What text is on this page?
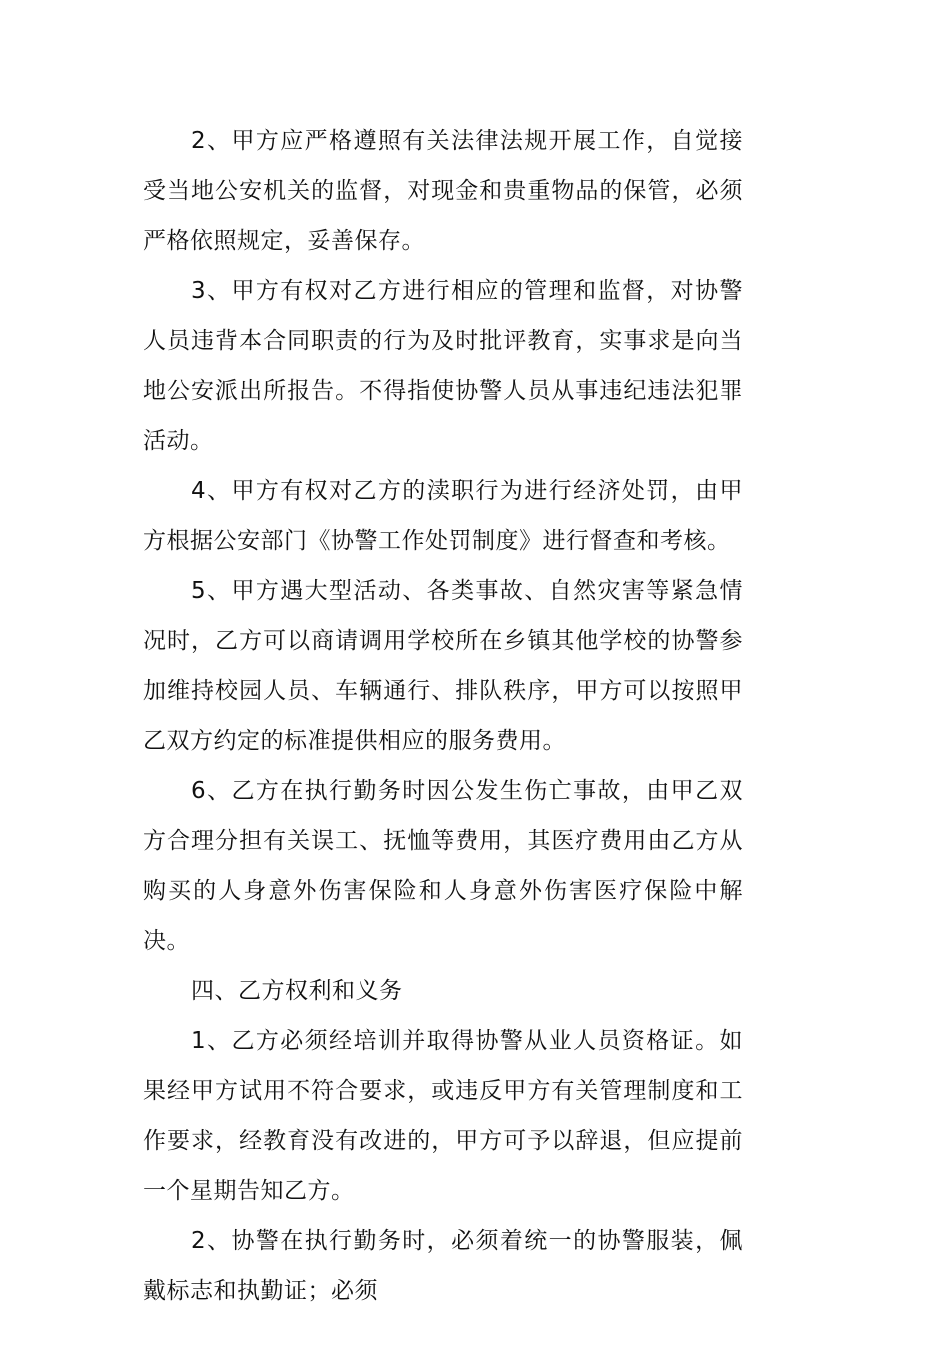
2、甲方应严格遵照有关法律法规开展工作，自觉接受当地公安机关的监督，对现金和贵重物品的保管，必须严格依照规定，妥善保存。

3、甲方有权对乙方进行相应的管理和监督，对协警人员违背本合同职责的行为及时批评教育，实事求是向当地公安派出所报告。不得指使协警人员从事违纪违法犯罪活动。

4、甲方有权对乙方的渎职行为进行经济处罚，由甲方根据公安部门《协警工作处罚制度》进行督查和考核。

5、甲方遇大型活动、各类事故、自然灾害等紧急情况时，乙方可以商请调用学校所在乡镇其他学校的协警参加维持校园人员、车辆通行、排队秩序，甲方可以按照甲乙双方约定的标准提供相应的服务费用。

6、乙方在执行勤务时因公发生伤亡事故，由甲乙双方合理分担有关误工、抚恤等费用，其医疗费用由乙方从购买的人身意外伤害保险和人身意外伤害医疗保险中解决。

四、乙方权利和义务

1、乙方必须经培训并取得协警从业人员资格证。如果经甲方试用不符合要求，或违反甲方有关管理制度和工作要求，经教育没有改进的，甲方可予以辞退，但应提前一个星期告知乙方。

2、协警在执行勤务时，必须着统一的协警服装，佩戴标志和执勤证；必须
